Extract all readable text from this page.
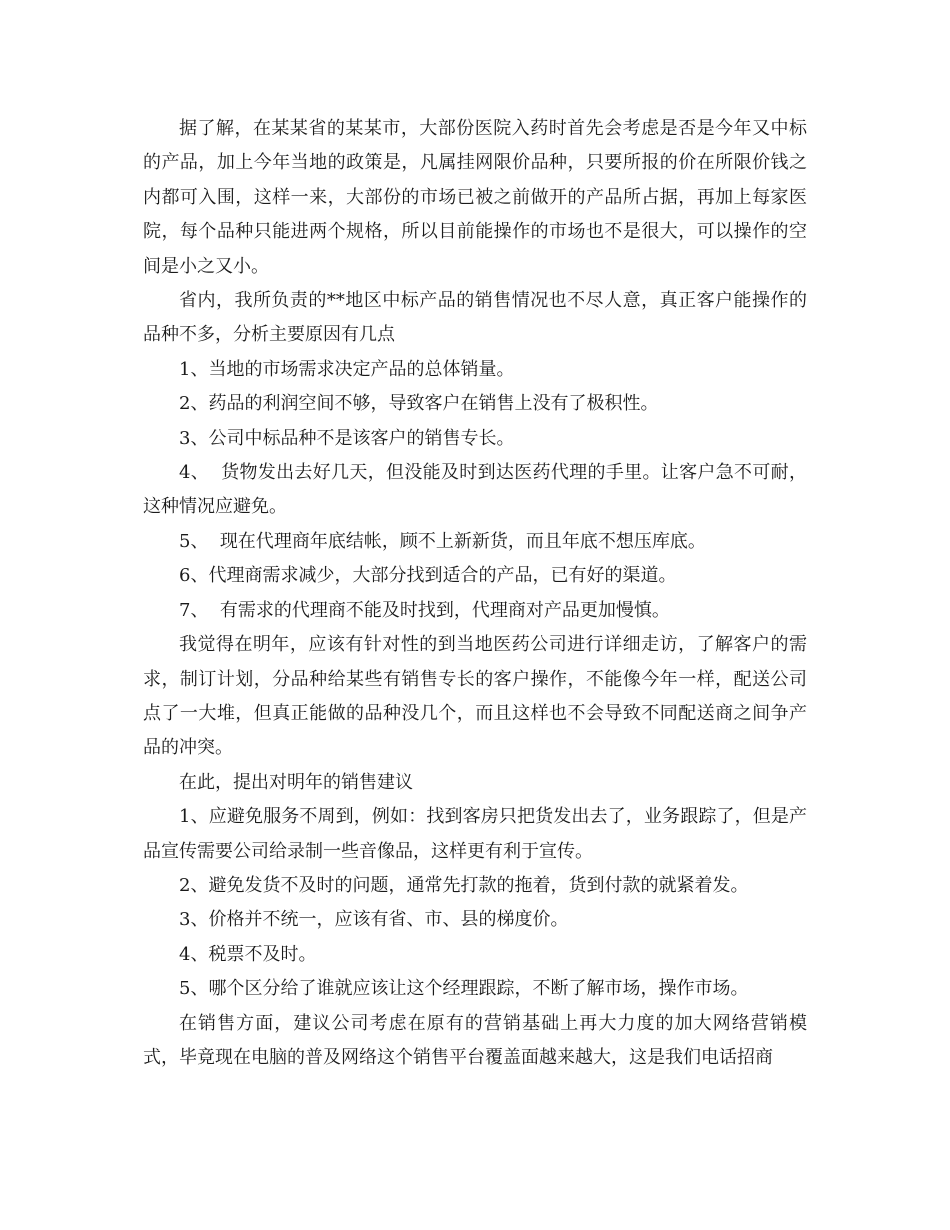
据了解，在某某省的某某市，大部份医院入药时首先会考虑是否是今年又中标的产品，加上今年当地的政策是，凡属挂网限价品种，只要所报的价在所限价钱之内都可入围，这样一来，大部份的市场已被之前做开的产品所占据，再加上每家医院，每个品种只能进两个规格，所以目前能操作的市场也不是很大，可以操作的空间是小之又小。

省内，我所负责的**地区中标产品的销售情况也不尽人意，真正客户能操作的品种不多，分析主要原因有几点

1、当地的市场需求决定产品的总体销量。

2、药品的利润空间不够，导致客户在销售上没有了极积性。

3、公司中标品种不是该客户的销售专长。

4、  货物发出去好几天，但没能及时到达医药代理的手里。让客户急不可耐，这种情况应避免。

5、  现在代理商年底结帐，顾不上新新货，而且年底不想压库底。

6、代理商需求减少，大部分找到适合的产品，已有好的渠道。

7、  有需求的代理商不能及时找到，代理商对产品更加慢慎。

我觉得在明年，应该有针对性的到当地医药公司进行详细走访，了解客户的需求，制订计划，分品种给某些有销售专长的客户操作，不能像今年一样，配送公司点了一大堆，但真正能做的品种没几个，而且这样也不会导致不同配送商之间争产品的冲突。

在此，提出对明年的销售建议

1、应避免服务不周到，例如：找到客房只把货发出去了，业务跟踪了，但是产品宣传需要公司给录制一些音像品，这样更有利于宣传。

2、避免发货不及时的问题，通常先打款的拖着，货到付款的就紧着发。

3、价格并不统一，应该有省、市、县的梯度价。

4、税票不及时。

5、哪个区分给了谁就应该让这个经理跟踪，不断了解市场，操作市场。

在销售方面，建议公司考虑在原有的营销基础上再大力度的加大网络营销模式，毕竟现在电脑的普及网络这个销售平台覆盖面越来越大，这是我们电话招商
